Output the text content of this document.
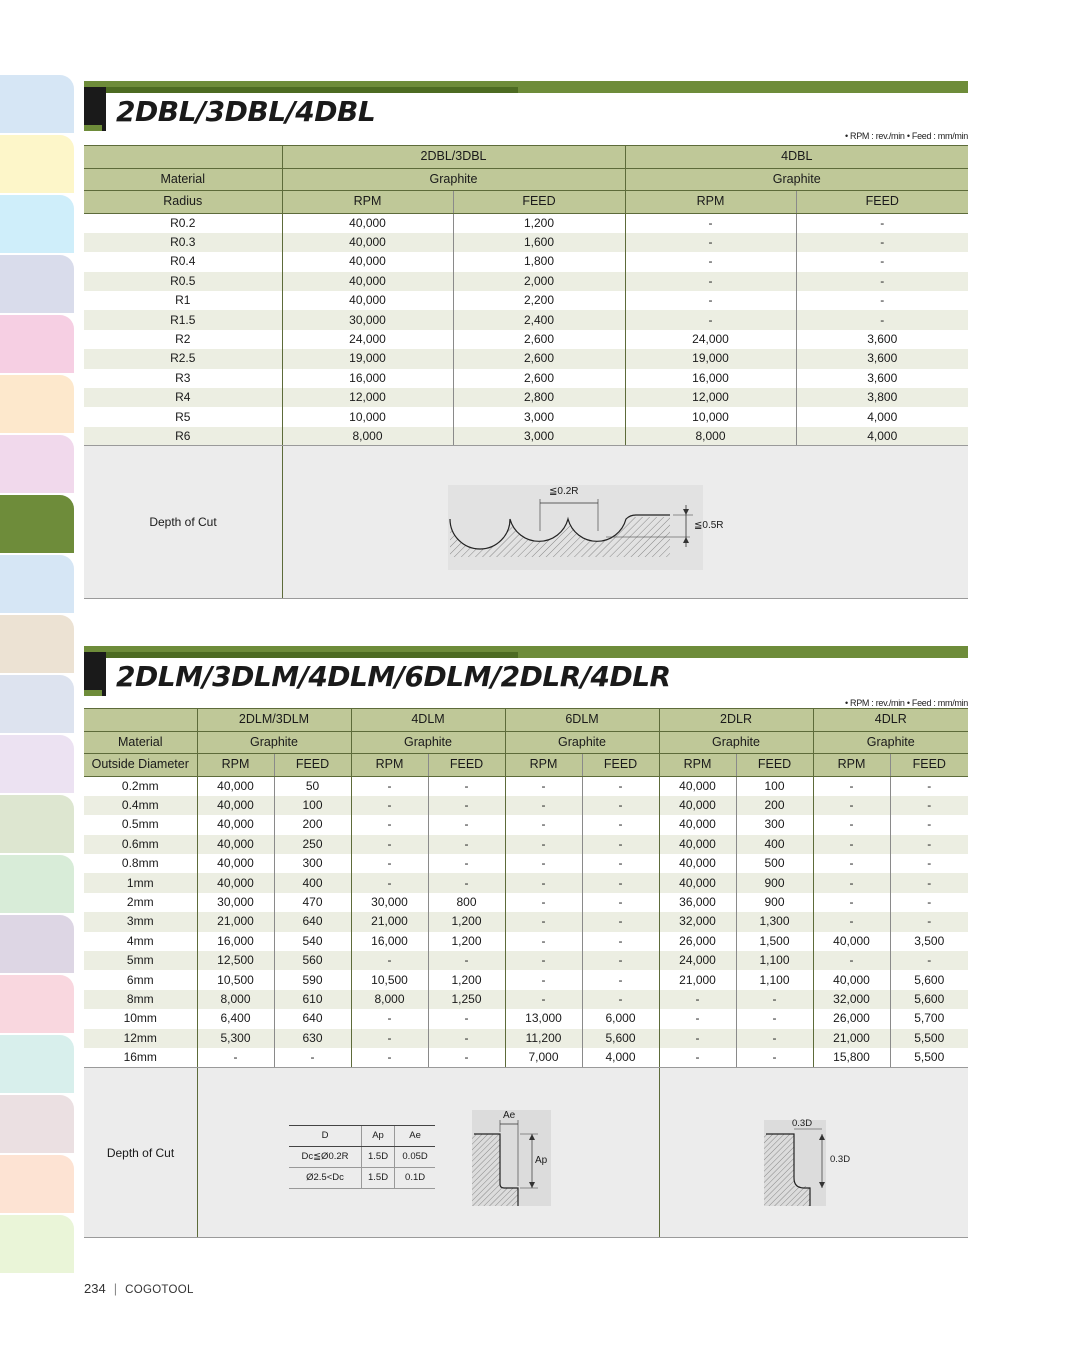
2DBL/3DBL/4DBL
• RPM : rev./min • Feed : mm/min
	2DBL/3DBL		4DBL	
Material	Graphite		Graphite	
Radius	RPM	FEED	RPM	FEED
R0.2	40,000	1,200	-	-
R0.3	40,000	1,600	-	-
R0.4	40,000	1,800	-	-
R0.5	40,000	2,000	-	-
R1	40,000	2,200	-	-
R1.5	30,000	2,400	-	-
R2	24,000	2,600	24,000	3,600
R2.5	19,000	2,600	19,000	3,600
R3	16,000	2,600	16,000	3,600
R4	12,000	2,800	12,000	3,800
R5	10,000	3,000	10,000	4,000
R6	8,000	3,000	8,000	4,000
Depth of Cut
≦0.2R
≦0.5R
2DLM/3DLM/4DLM/6DLM/2DLR/4DLR
• RPM : rev./min • Feed : mm/min
	2DLM/3DLM		4DLM		6DLM		2DLR		4DLR	
Material	Graphite		Graphite		Graphite		Graphite		Graphite	
Outside Diameter	RPM	FEED	RPM	FEED	RPM	FEED	RPM	FEED	RPM	FEED
0.2mm	40,000	50	-	-	-	-	40,000	100	-	-
0.4mm	40,000	100	-	-	-	-	40,000	200	-	-
0.5mm	40,000	200	-	-	-	-	40,000	300	-	-
0.6mm	40,000	250	-	-	-	-	40,000	400	-	-
0.8mm	40,000	300	-	-	-	-	40,000	500	-	-
1mm	40,000	400	-	-	-	-	40,000	900	-	-
2mm	30,000	470	30,000	800	-	-	36,000	900	-	-
3mm	21,000	640	21,000	1,200	-	-	32,000	1,300	-	-
4mm	16,000	540	16,000	1,200	-	-	26,000	1,500	40,000	3,500
5mm	12,500	560	-	-	-	-	24,000	1,100	-	-
6mm	10,500	590	10,500	1,200	-	-	21,000	1,100	40,000	5,600
8mm	8,000	610	8,000	1,250	-	-	-	-	32,000	5,600
10mm	6,400	640	-	-	13,000	6,000	-	-	26,000	5,700
12mm	5,300	630	-	-	11,200	5,600	-	-	21,000	5,500
16mm	-	-	-	-	7,000	4,000	-	-	15,800	5,500
Depth of Cut
D	Ap	Ae
Dc≦Ø0.2R	1.5D	0.05D
Ø2.5<Dc	1.5D	0.1D
Ae
Ap
0.3D
0.3D
234 | COGOTOOL
